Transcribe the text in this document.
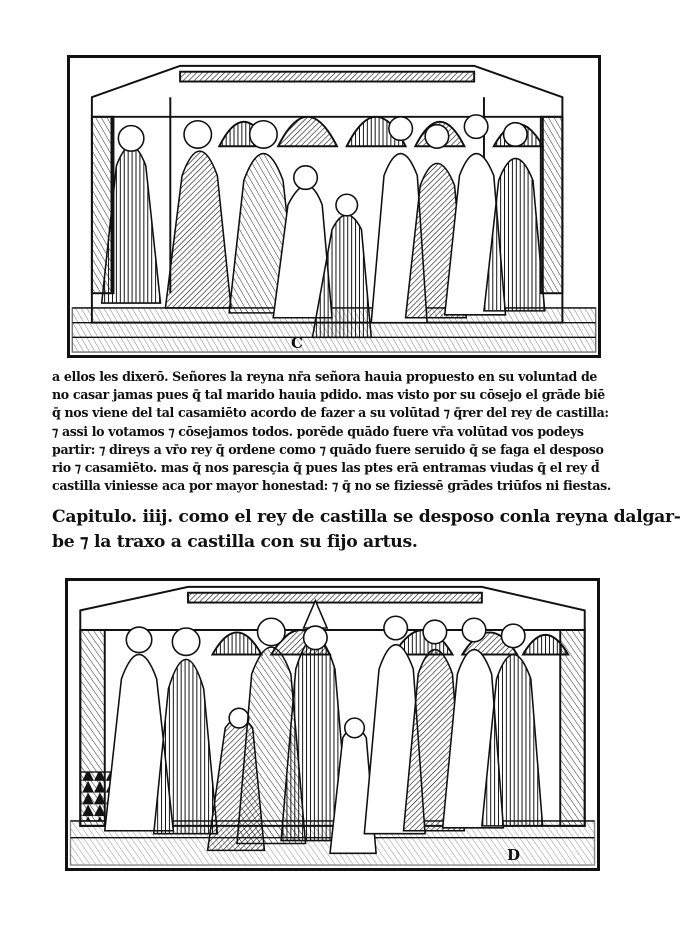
C
a ellos les dixerō. Señores la reyna nr̄a señora hauia propuesto en su voluntad de
no casar jamas pues q̄ tal marido hauia pdido. mas visto por su cōsejo el grāde biē
q̄ nos viene del tal casamiēto acordo de fazer a su volūtad ⁊ q̄rer del rey de castilla:
⁊ assi lo votamos ⁊ cōsejamos todos. porēde quādo fuere vr̄a volūtad vos podeys
partir: ⁊ direys a vr̄o rey q̄ ordene como ⁊ quādo fuere seruido q̄ se faga el desposo
rio ⁊ casamiēto. mas q̄ nos paresçia q̄ pues las ptes erā entramas viudas q̄ el rey d̄
castilla viniesse aca por mayor honestad: ⁊ q̄ no se fiziessē grādes triūfos ni fiestas.
Capitulo. iiij. como el rey de castilla se desposo conla reyna dalgar-
be ⁊ la traxo a castilla con su fijo artus.
D
